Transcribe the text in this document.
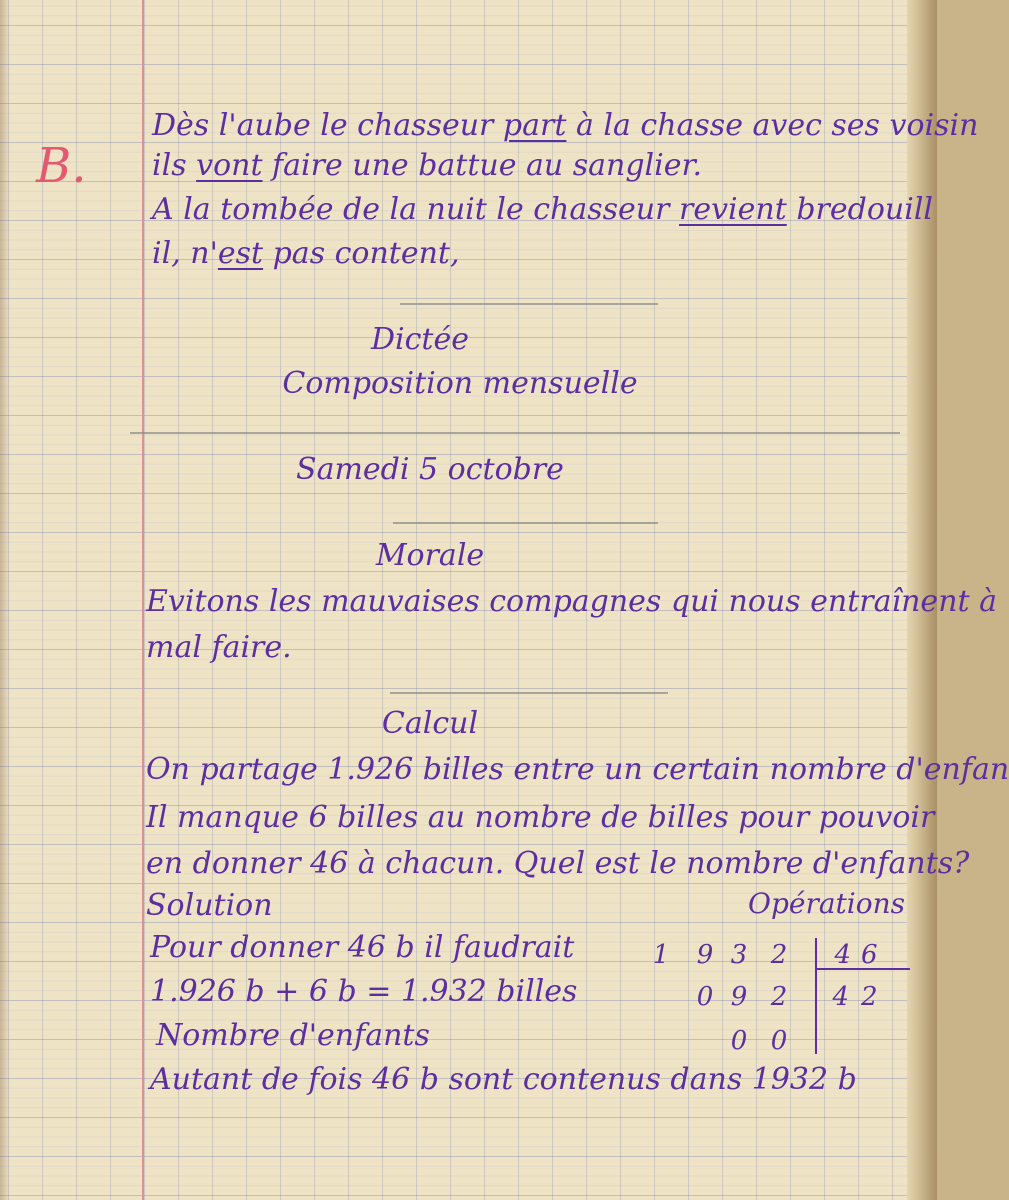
B.
Dès l'aube le chasseur part à la chasse avec ses voisin
ils vont faire une battue au sanglier.
A la tombée de la nuit le chasseur revient bredouill
il, n'est pas content,
Dictée
Composition mensuelle
Samedi 5 octobre
Morale
Evitons les mauvaises compagnes qui nous entraînent à
mal faire.
Calcul
On partage 1.926 billes entre un certain nombre d'enfan
Il manque 6 billes au nombre de billes pour pouvoir
en donner 46 à chacun. Quel est le nombre d'enfants?
Solution	Opérations
Pour donner 46 b il faudrait
1.926 b + 6 b = 1.932 billes
Nombre d'enfants
Autant de fois 46 b sont contenus dans 1932 b
1 9 3 2	46
0 9 2 42
0 0
